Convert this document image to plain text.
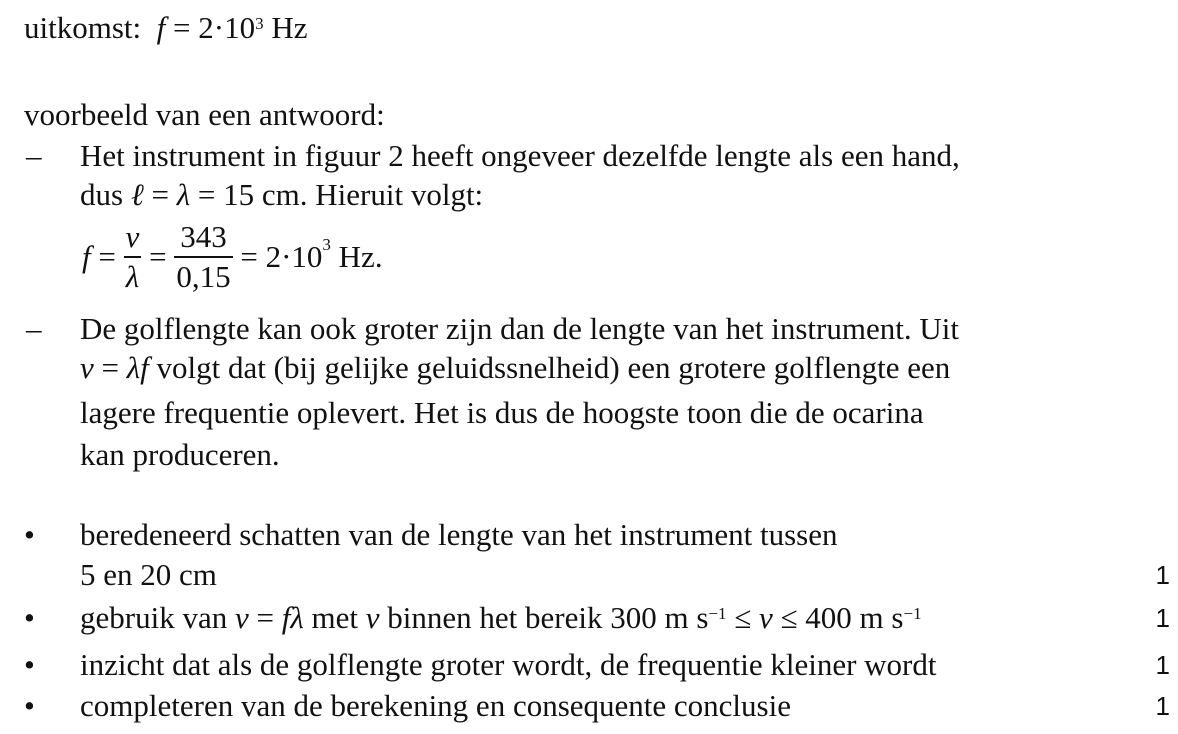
uitkomst: $f = 2\cdot 10^3$ Hz
voorbeeld van een antwoord:
– Het instrument in figuur 2 heeft ongeveer dezelfde lengte als een hand,
dus ℓ = λ = 15 cm. Hieruit volgt:
$f = \frac{v}{\lambda} = \frac{343}{0,15} = 2\cdot 10^3$ Hz.
– De golflengte kan ook groter zijn dan de lengte van het instrument. Uit
v = λf volgt dat (bij gelijke geluidssnelheid) een grotere golflengte een
lagere frequentie oplevert. Het is dus de hoogste toon die de ocarina
kan produceren.
• beredeneerd schatten van de lengte van het instrument tussen
5 en 20 cm	1
• gebruik van v = fλ met v binnen het bereik 300 m $s^{-1} \le v \le 400$ m $s^{-1}$	1
• inzicht dat als de golflengte groter wordt, de frequentie kleiner wordt	1
• completeren van de berekening en consequente conclusie	1
